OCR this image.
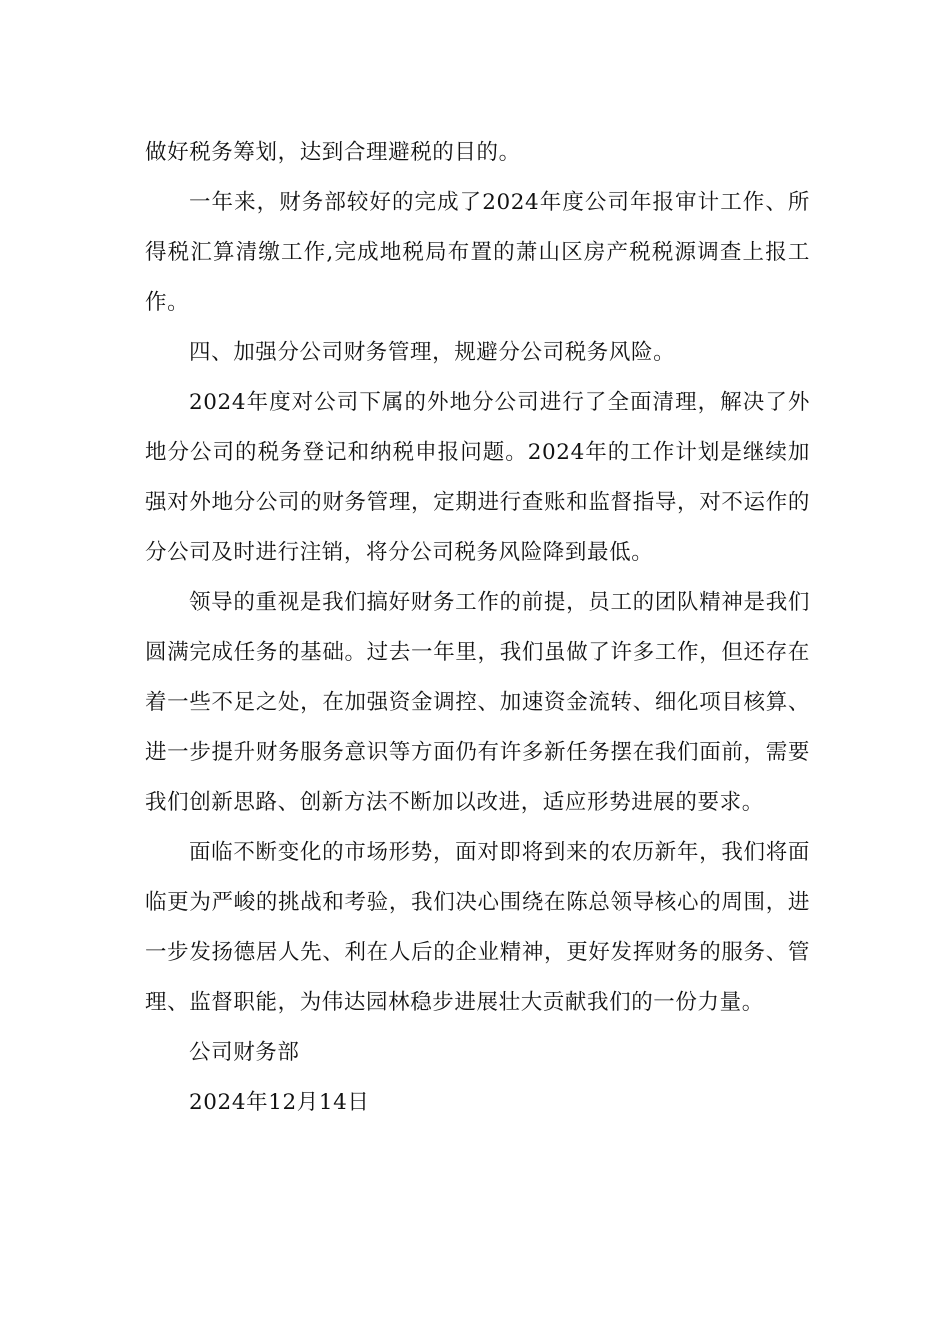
做好税务筹划，达到合理避税的目的。

一年来，财务部较好的完成了2024年度公司年报审计工作、所得税汇算清缴工作,完成地税局布置的萧山区房产税税源调查上报工作。

四、加强分公司财务管理，规避分公司税务风险。

2024年度对公司下属的外地分公司进行了全面清理，解决了外地分公司的税务登记和纳税申报问题。2024年的工作计划是继续加强对外地分公司的财务管理，定期进行查账和监督指导，对不运作的分公司及时进行注销，将分公司税务风险降到最低。

领导的重视是我们搞好财务工作的前提，员工的团队精神是我们圆满完成任务的基础。过去一年里，我们虽做了许多工作，但还存在着一些不足之处，在加强资金调控、加速资金流转、细化项目核算、进一步提升财务服务意识等方面仍有许多新任务摆在我们面前，需要我们创新思路、创新方法不断加以改进，适应形势进展的要求。

面临不断变化的市场形势，面对即将到来的农历新年，我们将面临更为严峻的挑战和考验，我们决心围绕在陈总领导核心的周围，进一步发扬德居人先、利在人后的企业精神，更好发挥财务的服务、管理、监督职能，为伟达园林稳步进展壮大贡献我们的一份力量。

公司财务部

2024年12月14日
